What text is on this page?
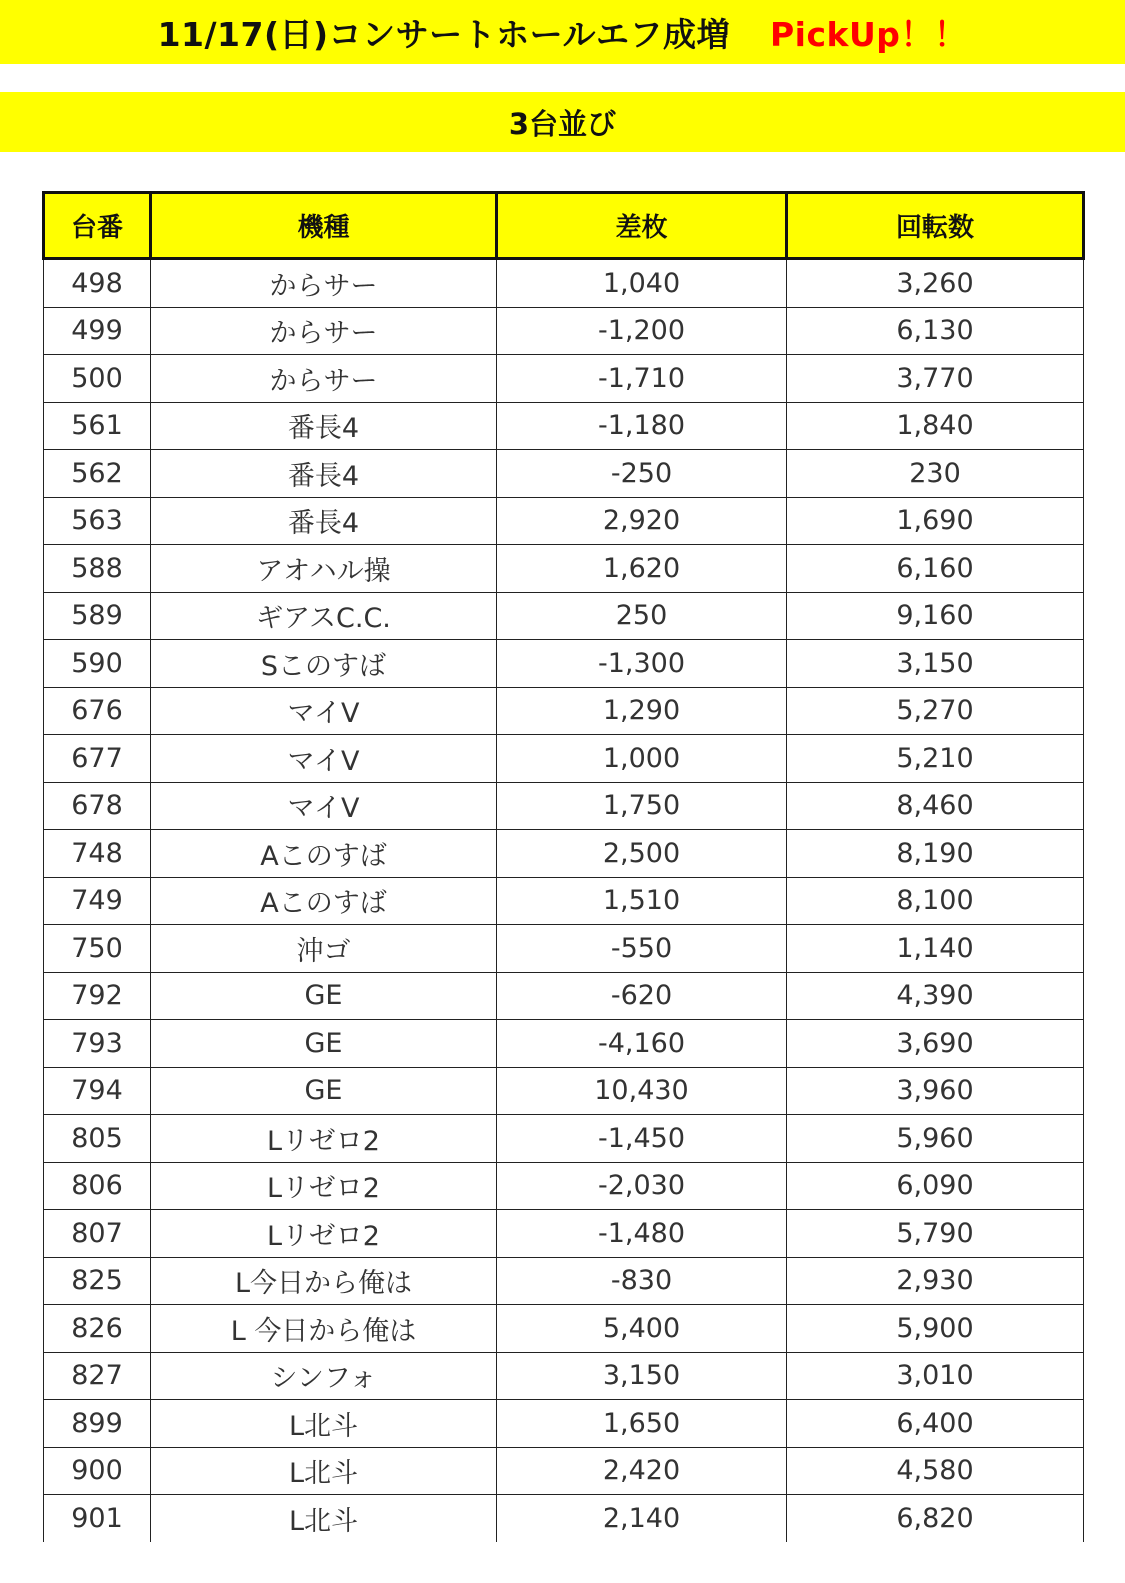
11/17(日)コンサートホールエフ成増 PickUp！！
3台並び
台番	機種	差枚	回転数
498	からサー	1,040	3,260
499	からサー	-1,200	6,130
500	からサー	-1,710	3,770
561	番長4	-1,180	1,840
562	番長4	-250	230
563	番長4	2,920	1,690
588	アオハル操	1,620	6,160
589	ギアスC.C.	250	9,160
590	Sこのすば	-1,300	3,150
676	マイV	1,290	5,270
677	マイV	1,000	5,210
678	マイV	1,750	8,460
748	Aこのすば	2,500	8,190
749	Aこのすば	1,510	8,100
750	沖ゴ	-550	1,140
792	GE	-620	4,390
793	GE	-4,160	3,690
794	GE	10,430	3,960
805	Lリゼロ2	-1,450	5,960
806	Lリゼロ2	-2,030	6,090
807	Lリゼロ2	-1,480	5,790
825	L今日から俺は	-830	2,930
826	L 今日から俺は	5,400	5,900
827	シンフォ	3,150	3,010
899	L北斗	1,650	6,400
900	L北斗	2,420	4,580
901	L北斗	2,140	6,820
